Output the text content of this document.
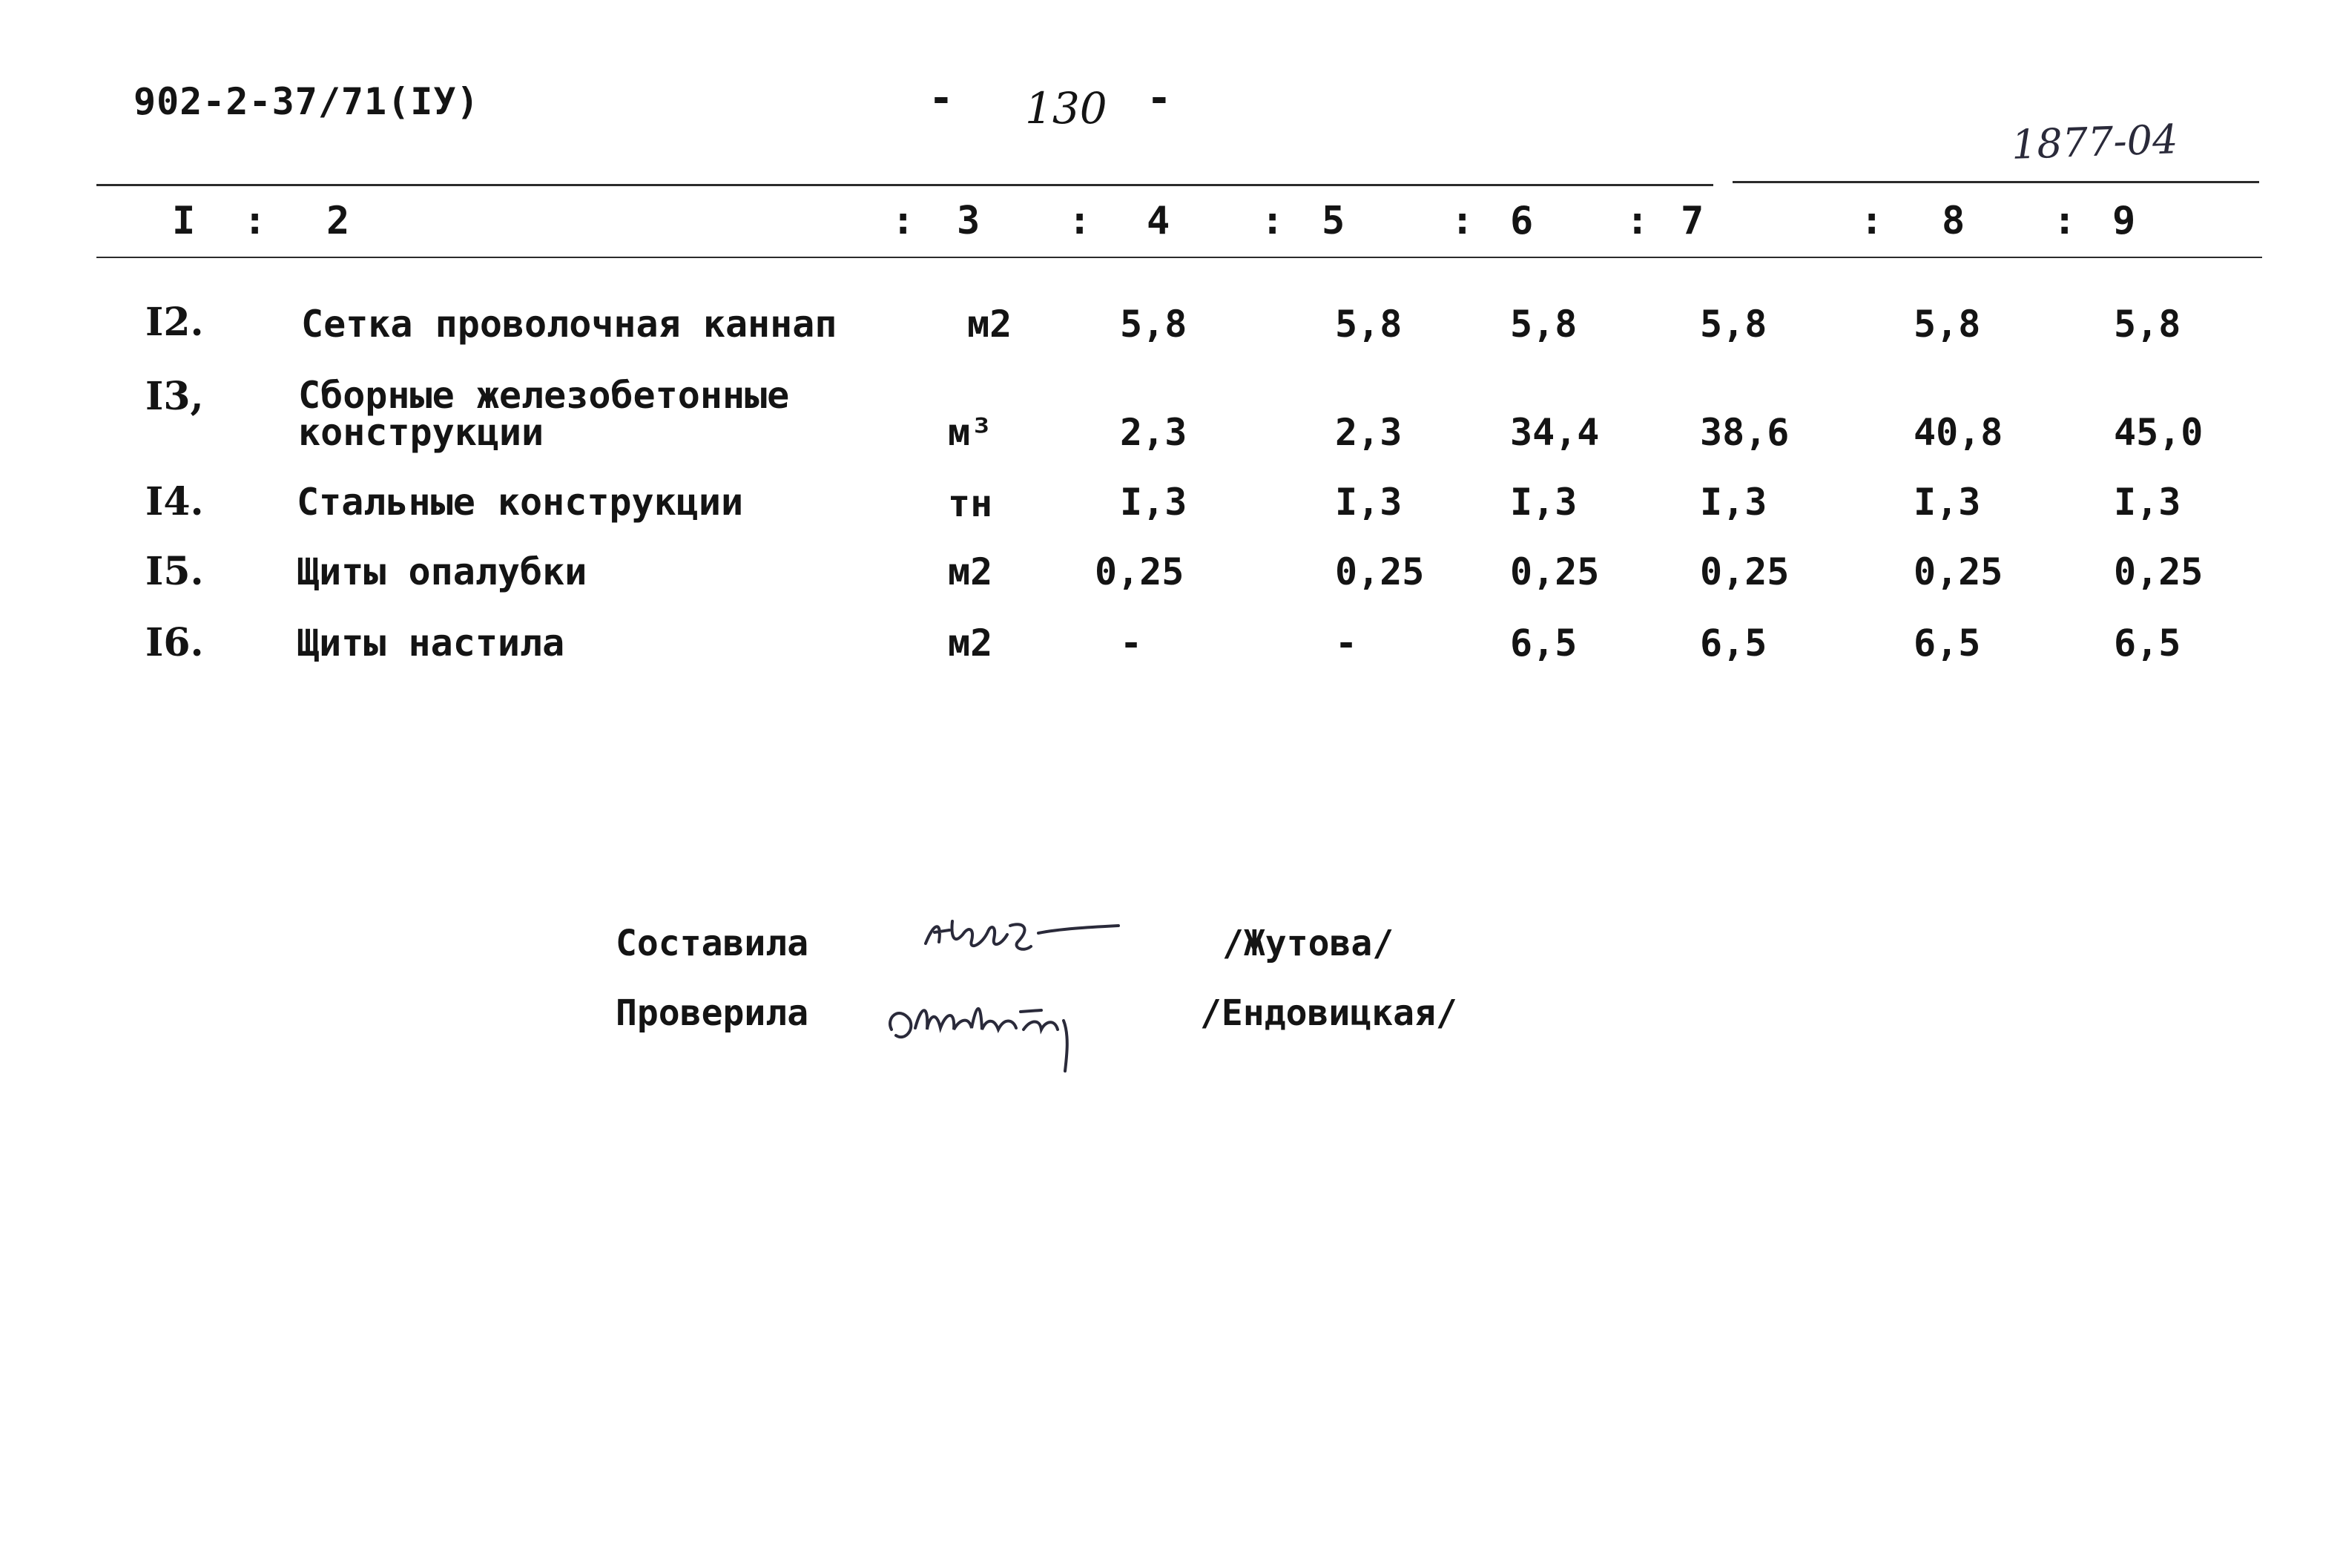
902-2-37/71(IУ)	- 130 -
1877-04
I : 2	: 3 : 4 : 5	: 6 : 7	: 8 : 9
I2.	Сетка проволочная каннап	м2	5,8	5,8	5,8	5,8	5,8	5,8
I3,	Сборные железобетонные
конструкции	м³	2,3	2,3	34,4	38,6	40,8	45,0
I4.	Стальные конструкции	тн	I,3	I,3	I,3	I,3	I,3	I,3
I5.	Щиты опалубки	м2	0,25	0,25 0,25	0,25	0,25	0,25
I6.	Щиты настила	м2	-	-	6,5	6,5	6,5	6,5
Составила	/Жутова/
Проверила	/Ендовицкая/
